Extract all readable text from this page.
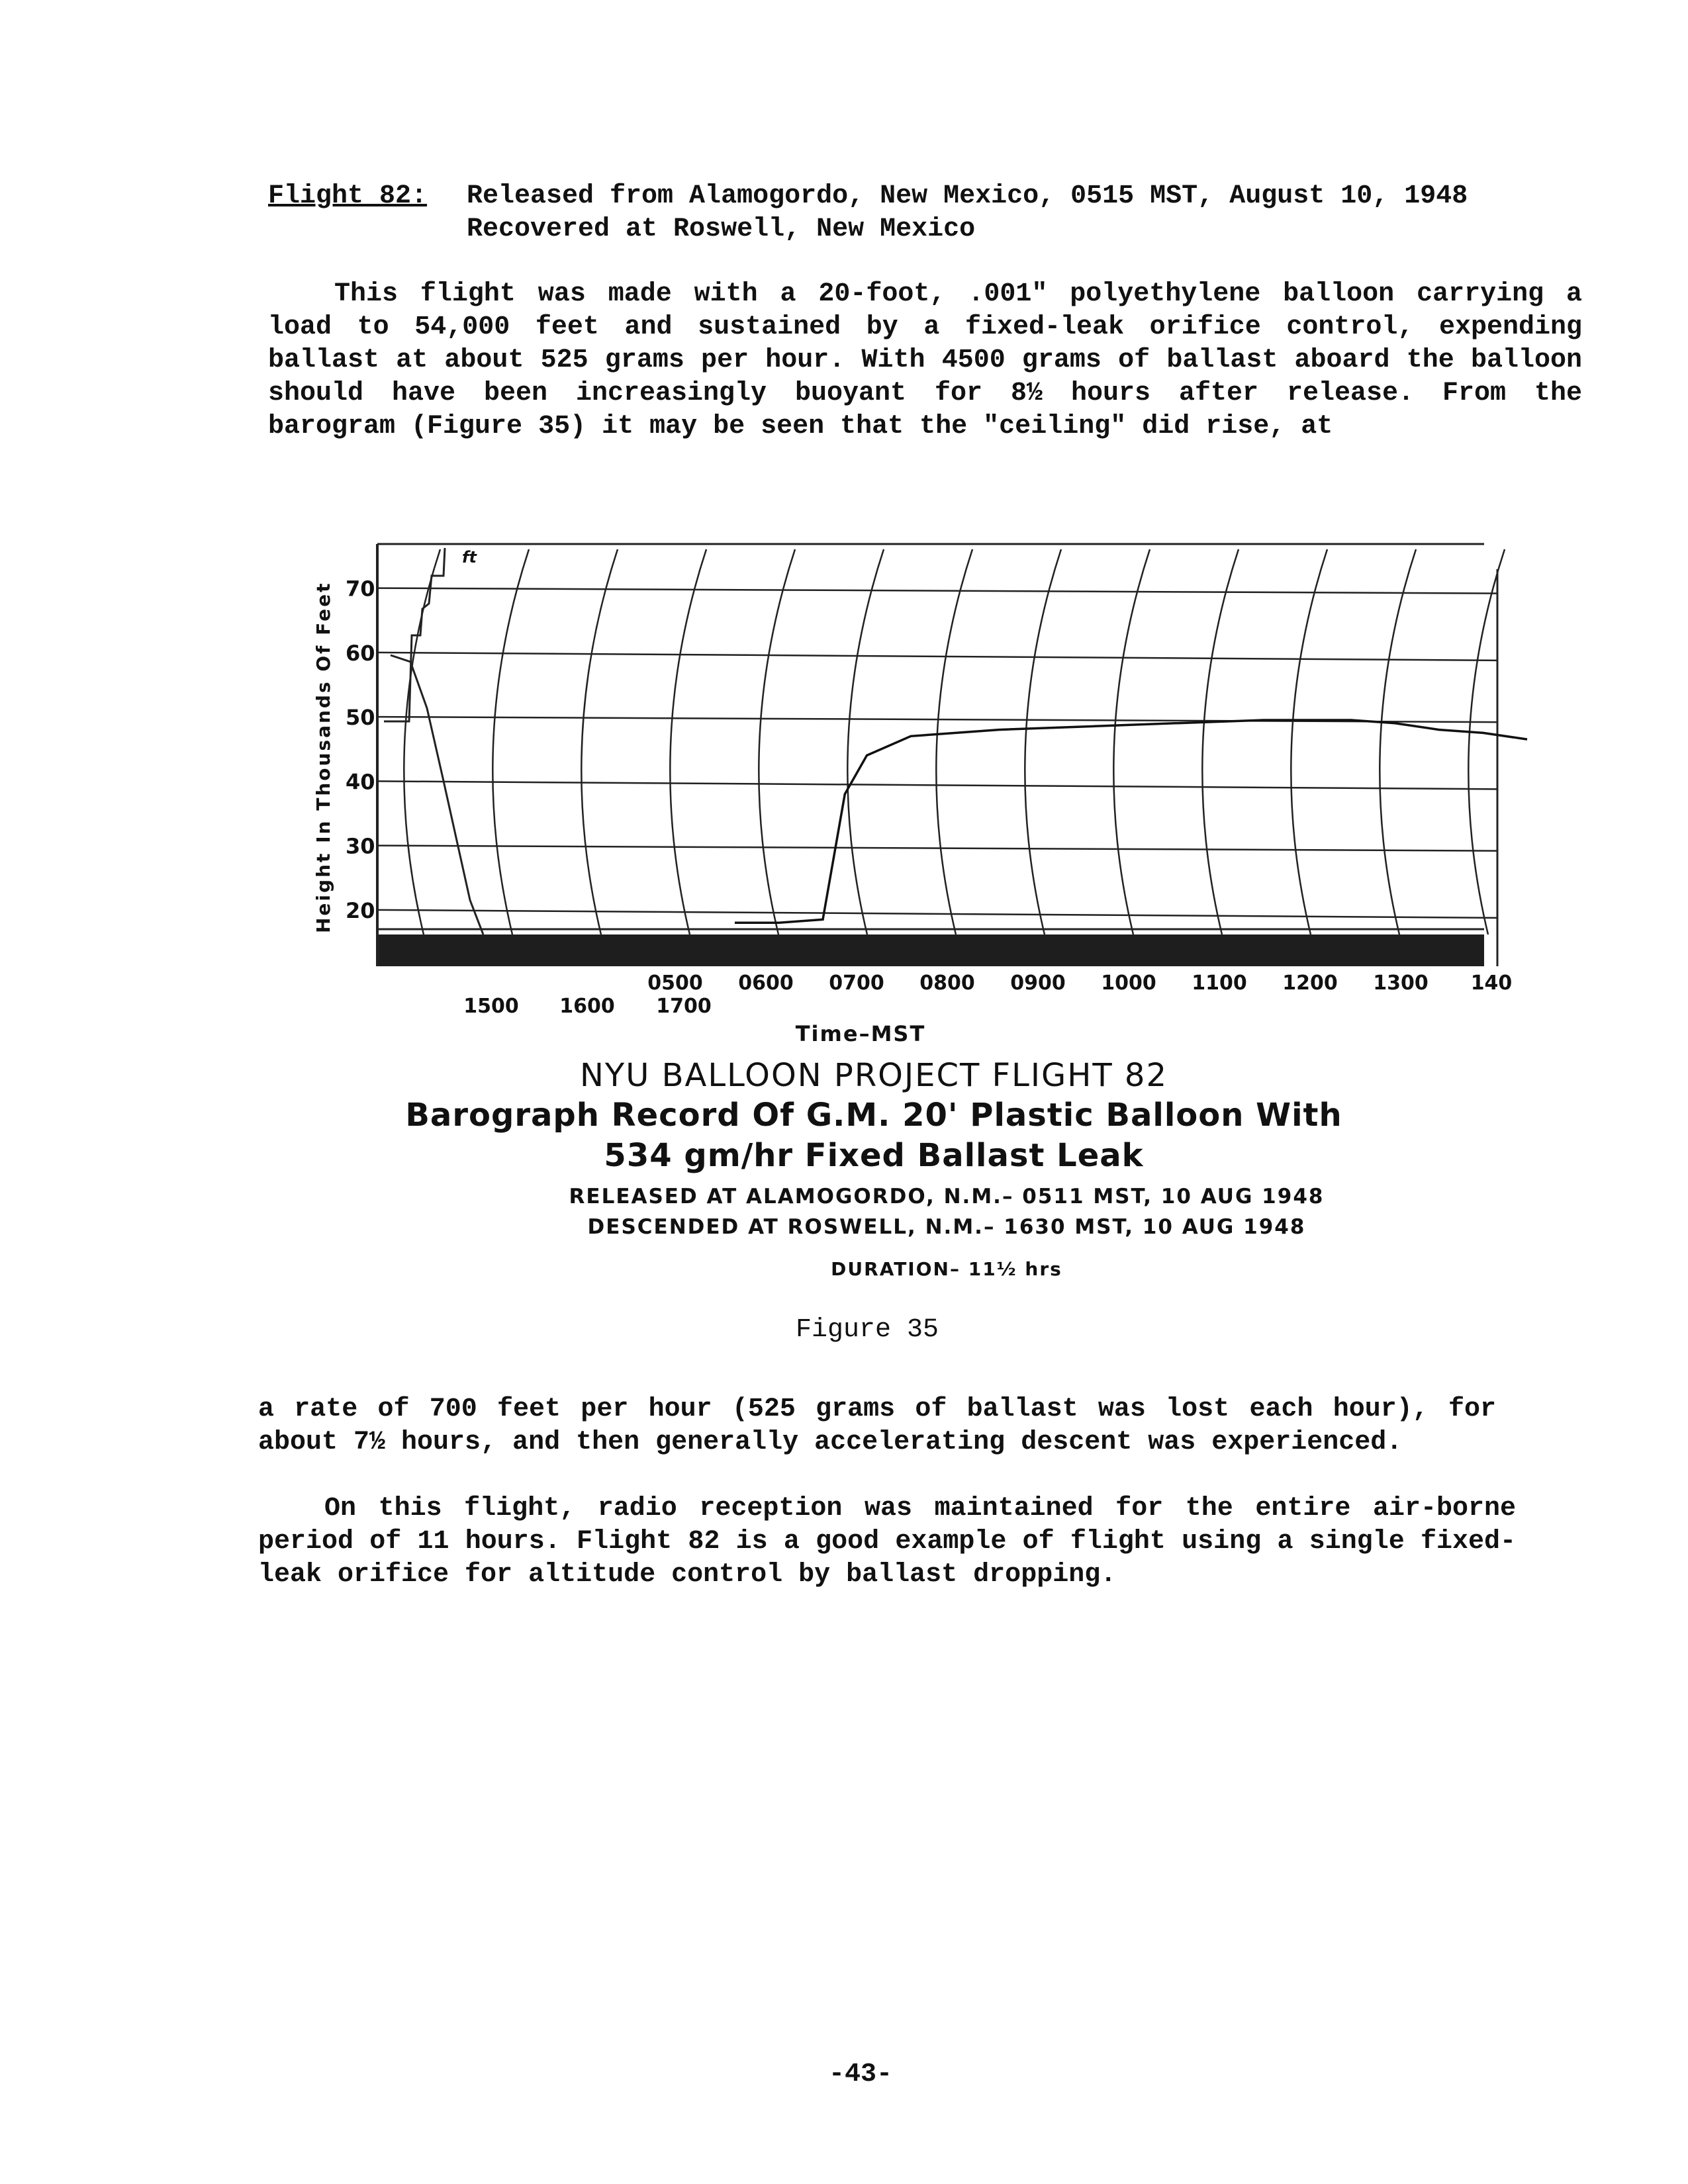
Flight 82:	Released from Alamogordo, New Mexico, 0515 MST, August 10, 1948
Recovered at Roswell, New Mexico
This flight was made with a 20-foot, .001" polyethylene balloon carrying a load to 54,000 feet and sustained by a fixed-leak orifice control, expending ballast at about 525 grams per hour. With 4500 grams of ballast aboard the balloon should have been increasingly buoyant for 8½ hours after release. From the barogram (Figure 35) it may be seen that the "ceiling" did rise, at
70
60
50
40
30
20
Height In Thousands Of Feet
ft
0500 0600 0700 0800 0900 1000 1100 1200 1300 140
1500 1600 1700
Time–MST
NYU BALLOON PROJECT FLIGHT 82
Barograph Record Of G.M. 20' Plastic Balloon With
534 gm/hr Fixed Ballast Leak
RELEASED AT ALAMOGORDO, N.M.– 0511 MST, 10 AUG 1948
DESCENDED AT ROSWELL, N.M.– 1630 MST, 10 AUG 1948
DURATION– 11½ hrs
Figure 35
a rate of 700 feet per hour (525 grams of ballast was lost each hour), for about 7½ hours, and then generally accelerating descent was experienced.
On this flight, radio reception was maintained for the entire air-borne period of 11 hours. Flight 82 is a good example of flight using a single fixed-leak orifice for altitude control by ballast dropping.
-43-
